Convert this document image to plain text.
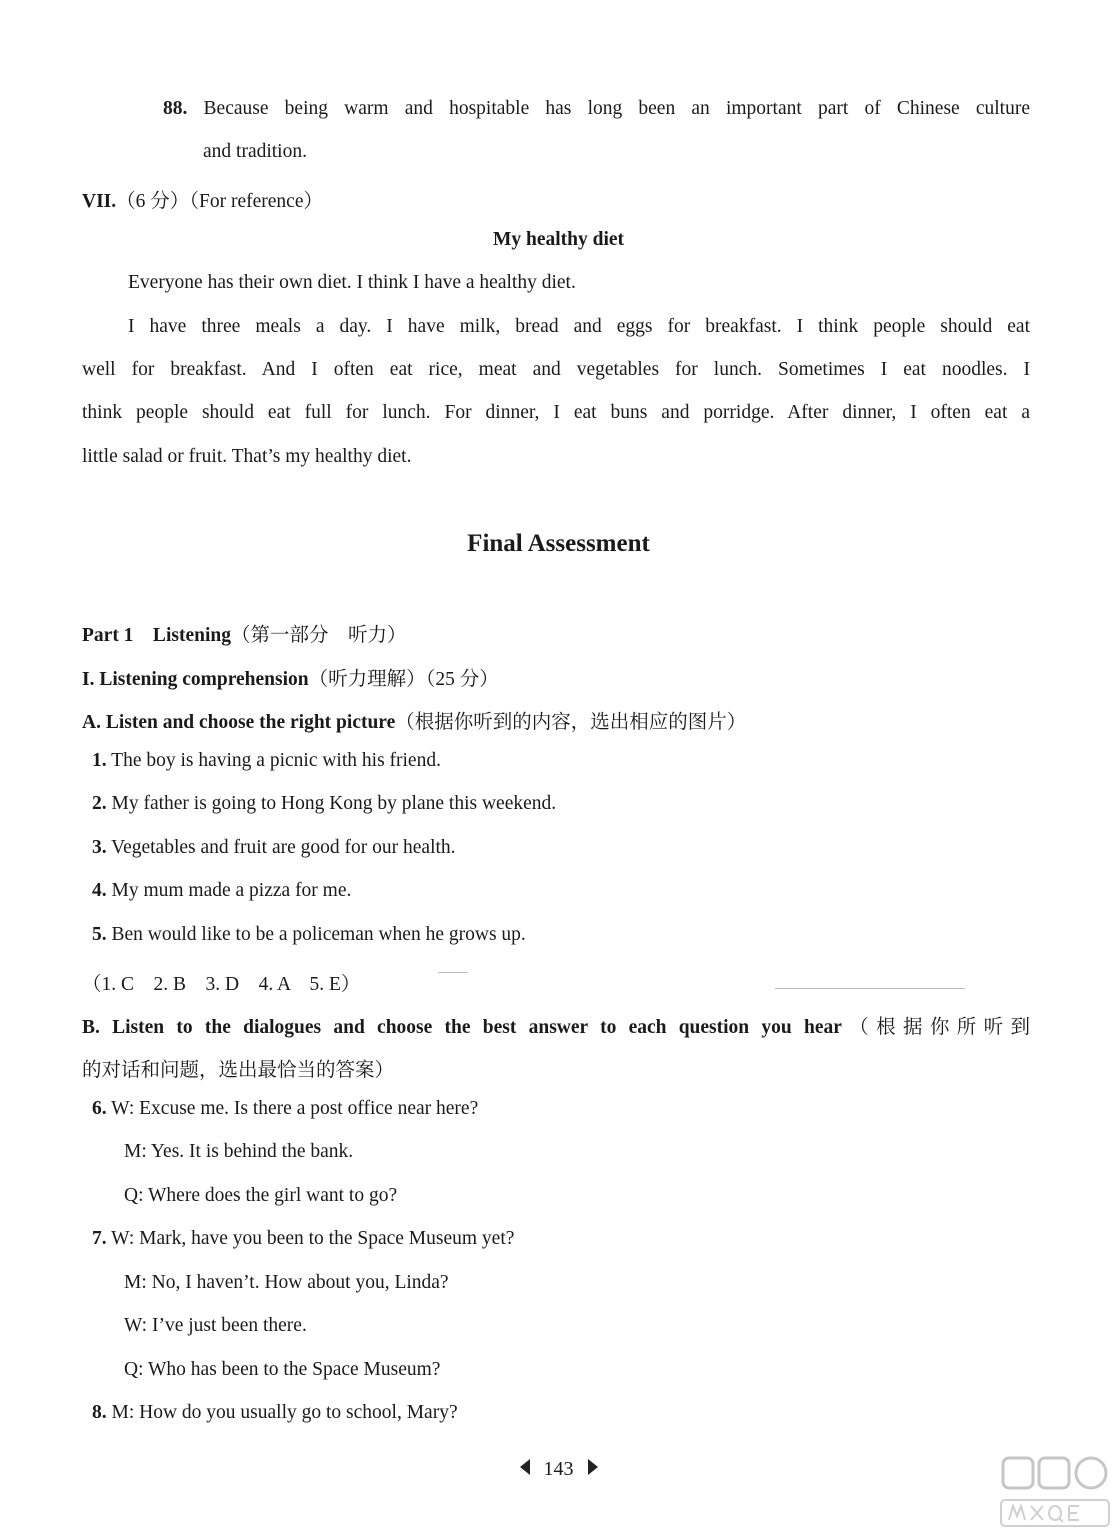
88. Because being warm and hospitable has long been an important part of Chinese culture
and tradition.
VII.（6 分）（For reference）
My healthy diet
Everyone has their own diet. I think I have a healthy diet.
I have three meals a day. I have milk, bread and eggs for breakfast. I think people should eat
well for breakfast. And I often eat rice, meat and vegetables for lunch. Sometimes I eat noodles. I
think people should eat full for lunch. For dinner, I eat buns and porridge. After dinner, I often eat a
little salad or fruit. That’s my healthy diet.
Final Assessment
Part 1　Listening（第一部分　听力）
I. Listening comprehension（听力理解）（25 分）
A. Listen and choose the right picture（根据你听到的内容，选出相应的图片）
1. The boy is having a picnic with his friend.
2. My father is going to Hong Kong by plane this weekend.
3. Vegetables and fruit are good for our health.
4. My mum made a pizza for me.
5. Ben would like to be a policeman when he grows up.
（1. C　2. B　3. D　4. A　5. E）
B. Listen to the dialogues and choose the best answer to each question you hear（根据你所听到
的对话和问题，选出最恰当的答案）
6. W: Excuse me. Is there a post office near here?
M: Yes. It is behind the bank.
Q: Where does the girl want to go?
7. W: Mark, have you been to the Space Museum yet?
M: No, I haven’t. How about you, Linda?
W: I’ve just been there.
Q: Who has been to the Space Museum?
8. M: How do you usually go to school, Mary?
143
